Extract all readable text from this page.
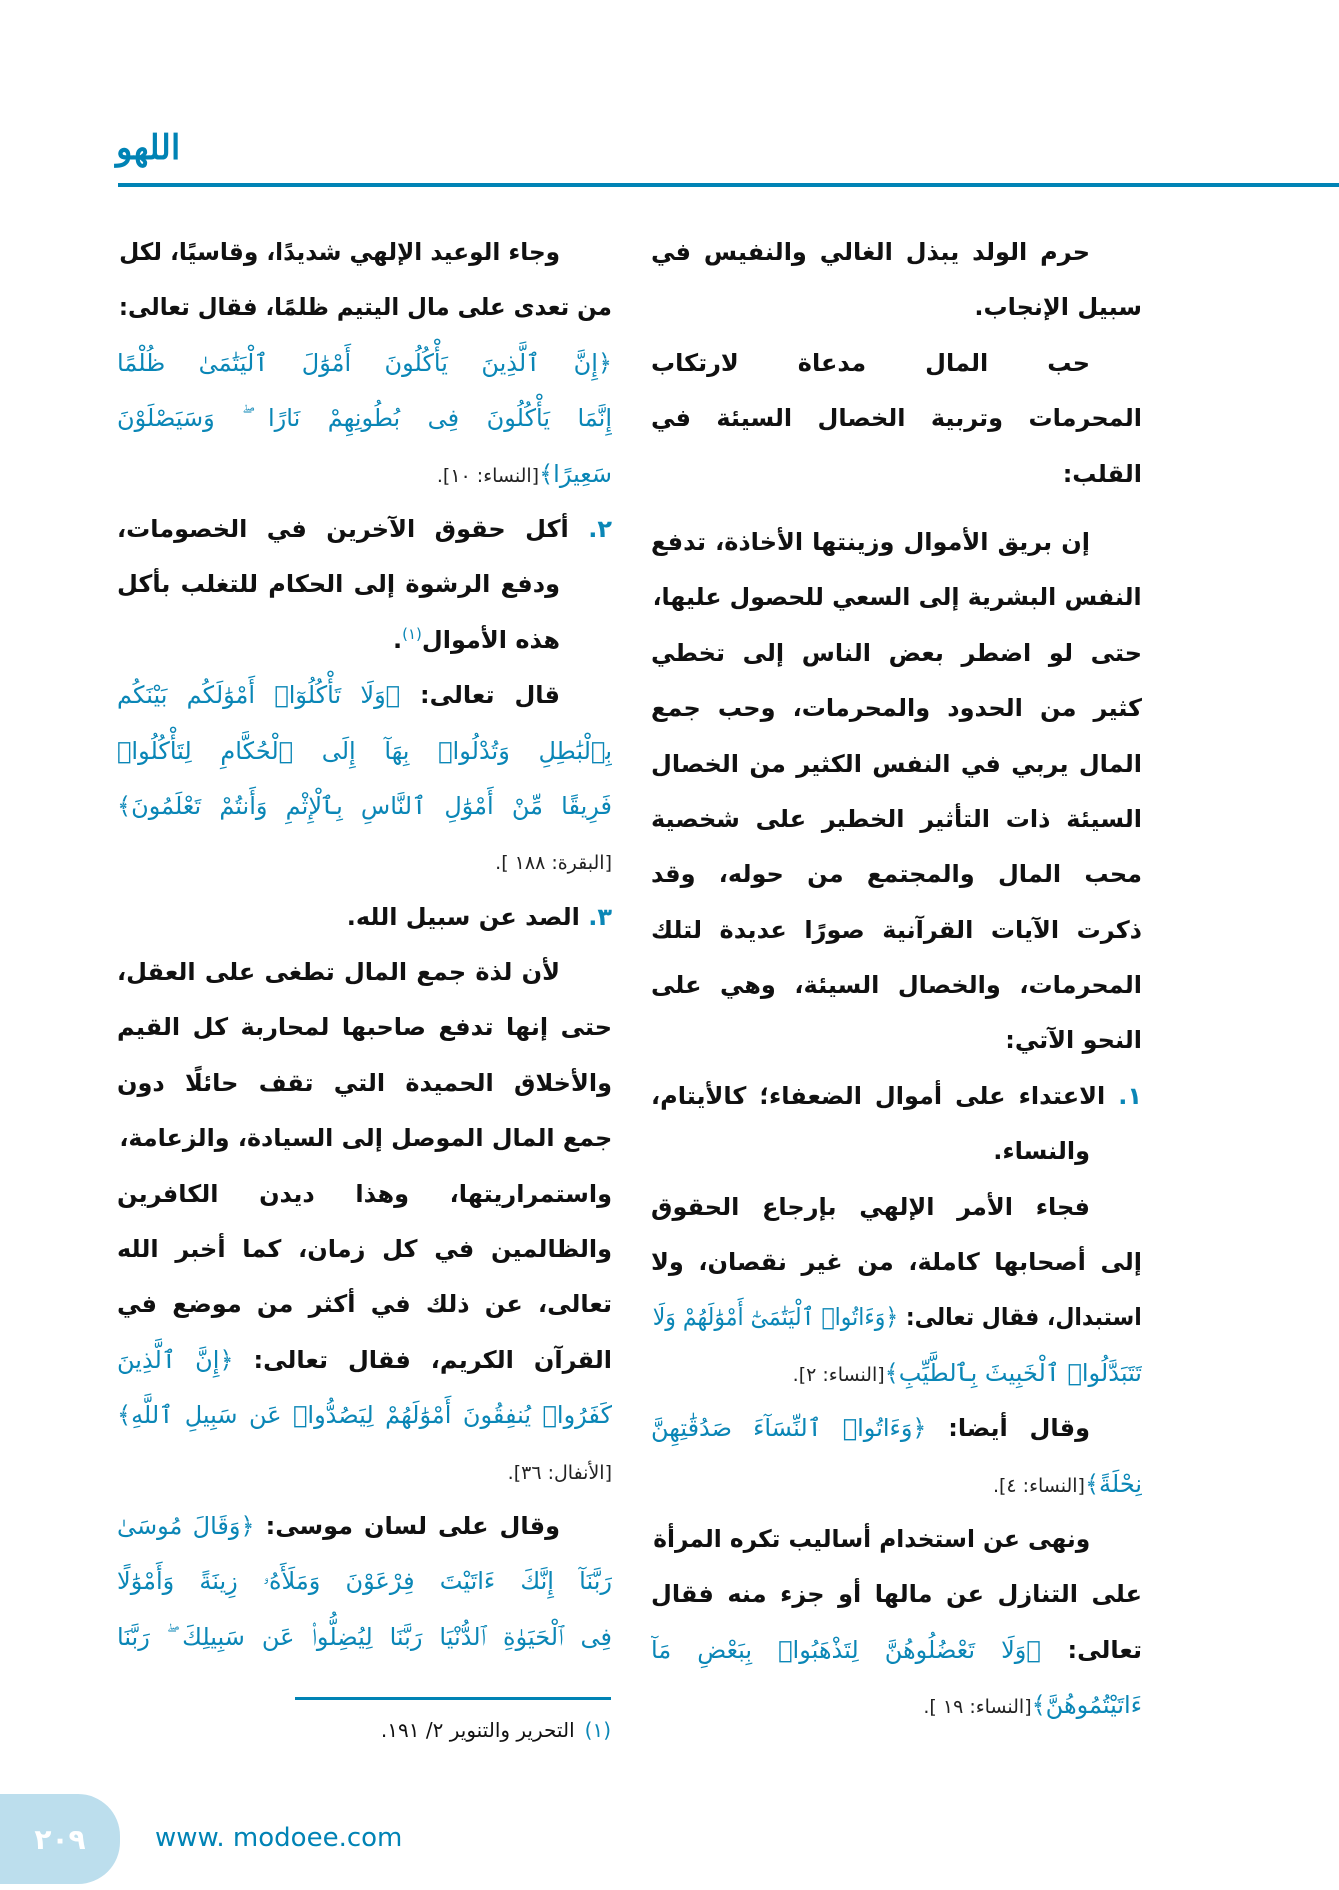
اللهو
حرم الولد يبذل الغالي والنفيس في
سبيل الإنجاب.
حب المال مدعاة لارتكاب
المحرمات وتربية الخصال السيئة في
القلب:
إن بريق الأموال وزينتها الأخاذة، تدفع
النفس البشرية إلى السعي للحصول عليها،
حتى لو اضطر بعض الناس إلى تخطي
كثير من الحدود والمحرمات، وحب جمع
المال يربي في النفس الكثير من الخصال
السيئة ذات التأثير الخطير على شخصية
محب المال والمجتمع من حوله، وقد
ذكرت الآيات القرآنية صورًا عديدة لتلك
المحرمات، والخصال السيئة، وهي على
النحو الآتي:
١. الاعتداء على أموال الضعفاء؛ كالأيتام،
والنساء.
فجاء الأمر الإلهي بإرجاع الحقوق
إلى أصحابها كاملة، من غير نقصان، ولا
استبدال، فقال تعالى: ﴿وَءَاتُوا۟ ٱلْيَتَٰمَىٰٓ أَمْوَٰلَهُمْ وَلَا
تَتَبَدَّلُوا۟ ٱلْخَبِيثَ بِٱلطَّيِّبِ﴾[النساء: ٢].
وقال أيضا: ﴿وَءَاتُوا۟ ٱلنِّسَآءَ صَدُقَٰتِهِنَّ
نِحْلَةً﴾[النساء: ٤].
ونهى عن استخدام أساليب تكره المرأة
على التنازل عن مالها أو جزء منه فقال
تعالى: ﴿وَلَا تَعْضُلُوهُنَّ لِتَذْهَبُوا۟ بِبَعْضِ مَآ
ءَاتَيْتُمُوهُنَّ﴾[النساء: ١٩ ].
وجاء الوعيد الإلهي شديدًا، وقاسيًا، لكل
من تعدى على مال اليتيم ظلمًا، فقال تعالى:
﴿إِنَّ ٱلَّذِينَ يَأْكُلُونَ أَمْوَٰلَ ٱلْيَتَٰمَىٰ ظُلْمًا
إِنَّمَا يَأْكُلُونَ فِى بُطُونِهِمْ نَارًا ۖ وَسَيَصْلَوْنَ
سَعِيرًا﴾[النساء: ١٠].
٢. أكل حقوق الآخرين في الخصومات،
ودفع الرشوة إلى الحكام للتغلب بأكل
هذه الأموال$^{(١)}$.
قال تعالى: ﴿وَلَا تَأْكُلُوٓا۟ أَمْوَٰلَكُم بَيْنَكُم
بِٱلْبَٰطِلِ وَتُدْلُوا۟ بِهَآ إِلَى ٱلْحُكَّامِ لِتَأْكُلُوا۟
فَرِيقًا مِّنْ أَمْوَٰلِ ٱلنَّاسِ بِٱلْإِثْمِ وَأَنتُمْ تَعْلَمُونَ﴾
[البقرة: ١٨٨ ].
٣. الصد عن سبيل الله.
لأن لذة جمع المال تطغى على العقل،
حتى إنها تدفع صاحبها لمحاربة كل القيم
والأخلاق الحميدة التي تقف حائلًا دون
جمع المال الموصل إلى السيادة، والزعامة،
واستمراريتها، وهذا ديدن الكافرين
والظالمين في كل زمان، كما أخبر الله
تعالى، عن ذلك في أكثر من موضع في
القرآن الكريم، فقال تعالى: ﴿إِنَّ ٱلَّذِينَ
كَفَرُوا۟ يُنفِقُونَ أَمْوَٰلَهُمْ لِيَصُدُّوا۟ عَن سَبِيلِ ٱللَّهِ﴾
[الأنفال: ٣٦].
وقال على لسان موسى: ﴿وَقَالَ مُوسَىٰ
رَبَّنَآ إِنَّكَ ءَاتَيْتَ فِرْعَوْنَ وَمَلَأَهُۥ زِينَةً وَأَمْوَٰلًا
فِى ٱلْحَيَوٰةِ ٱلدُّنْيَا رَبَّنَا لِيُضِلُّوا۟ عَن سَبِيلِكَ ۖ رَبَّنَا
(١)التحرير والتنوير ٢/ ١٩١.
٢٠٩	www. modoee.com
